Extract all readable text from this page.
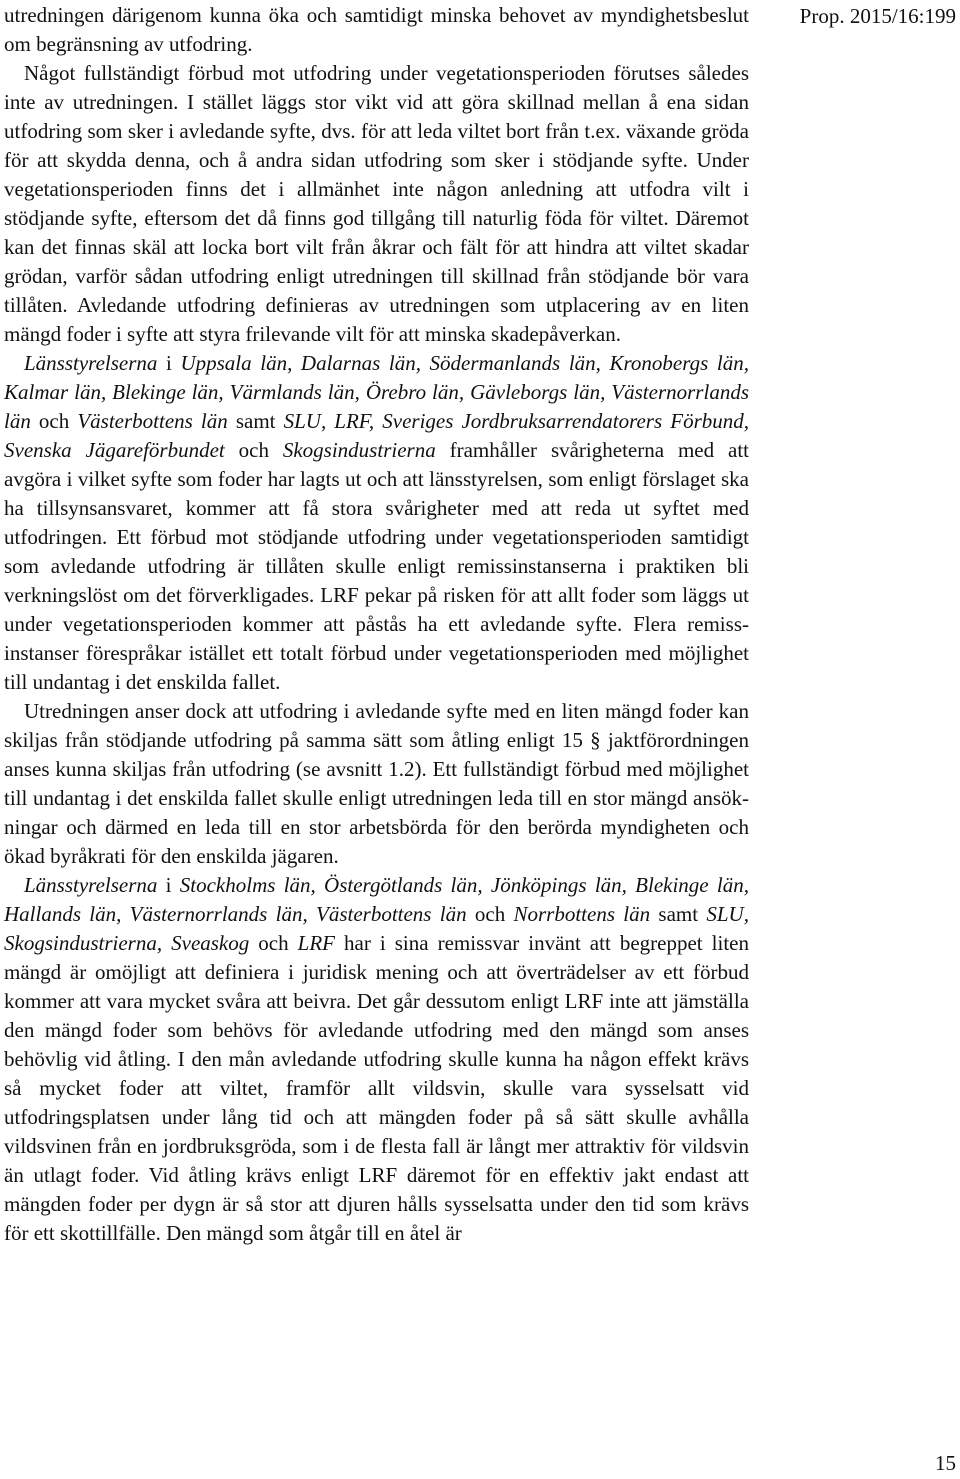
Prop. 2015/16:199

utredningen därigenom kunna öka och samtidigt minska behovet av myndighetsbeslut om begränsning av utfodring.

Något fullständigt förbud mot utfodring under vegetationsperioden förutses således inte av utredningen. I stället läggs stor vikt vid att göra skillnad mellan å ena sidan utfodring som sker i avledande syfte, dvs. för att leda viltet bort från t.ex. växande gröda för att skydda denna, och å andra sidan utfodring som sker i stödjande syfte. Under vegetationsperioden finns det i allmänhet inte någon anledning att utfodra vilt i stödjande syfte, eftersom det då finns god tillgång till naturlig föda för viltet. Däremot kan det finnas skäl att locka bort vilt från åkrar och fält för att hindra att viltet skadar grödan, varför sådan utfodring enligt utredningen till skillnad från stödjande bör vara tillåten. Avledande utfodring definieras av utredningen som utplacering av en liten mängd foder i syfte att styra frilevande vilt för att minska skadepåverkan.

Länsstyrelserna i Uppsala län, Dalarnas län, Södermanlands län, Kronobergs län, Kalmar län, Blekinge län, Värmlands län, Örebro län, Gävleborgs län, Västernorrlands län och Västerbottens län samt SLU, LRF, Sveriges Jordbruksarrendatorers Förbund, Svenska Jägareförbundet och Skogsindustrierna framhåller svårigheterna med att avgöra i vilket syfte som foder har lagts ut och att länsstyrelsen, som enligt förslaget ska ha tillsynsansvaret, kommer att få stora svårigheter med att reda ut syftet med utfodringen. Ett förbud mot stödjande utfodring under vegetationsperioden samtidigt som avledande utfodring är tillåten skulle enligt remissinstanserna i praktiken bli verkningslöst om det förverkligades. LRF pekar på risken för att allt foder som läggs ut under vegetationsperioden kommer att påstås ha ett avledande syfte. Flera remissinstanser förespråkar istället ett totalt förbud under vegetationsperioden med möjlighet till undantag i det enskilda fallet.

Utredningen anser dock att utfodring i avledande syfte med en liten mängd foder kan skiljas från stödjande utfodring på samma sätt som åtling enligt 15 § jaktförordningen anses kunna skiljas från utfodring (se avsnitt 1.2). Ett fullständigt förbud med möjlighet till undantag i det enskilda fallet skulle enligt utredningen leda till en stor mängd ansökningar och därmed en leda till en stor arbetsbörda för den berörda myndigheten och ökad byråkrati för den enskilda jägaren.

Länsstyrelserna i Stockholms län, Östergötlands län, Jönköpings län, Blekinge län, Hallands län, Västernorrlands län, Västerbottens län och Norrbottens län samt SLU, Skogsindustrierna, Sveaskog och LRF har i sina remissvar invänt att begreppet liten mängd är omöjligt att definiera i juridisk mening och att överträdelser av ett förbud kommer att vara mycket svåra att beivra. Det går dessutom enligt LRF inte att jämställa den mängd foder som behövs för avledande utfodring med den mängd som anses behövlig vid åtling. I den mån avledande utfodring skulle kunna ha någon effekt krävs så mycket foder att viltet, framför allt vildsvin, skulle vara sysselsatt vid utfodringsplatsen under lång tid och att mängden foder på så sätt skulle avhålla vildsvinen från en jordbruksgröda, som i de flesta fall är långt mer attraktiv för vildsvin än utlagt foder. Vid åtling krävs enligt LRF däremot för en effektiv jakt endast att mängden foder per dygn är så stor att djuren hålls sysselsatta under den tid som krävs för ett skottillfälle. Den mängd som åtgår till en åtel är

15
